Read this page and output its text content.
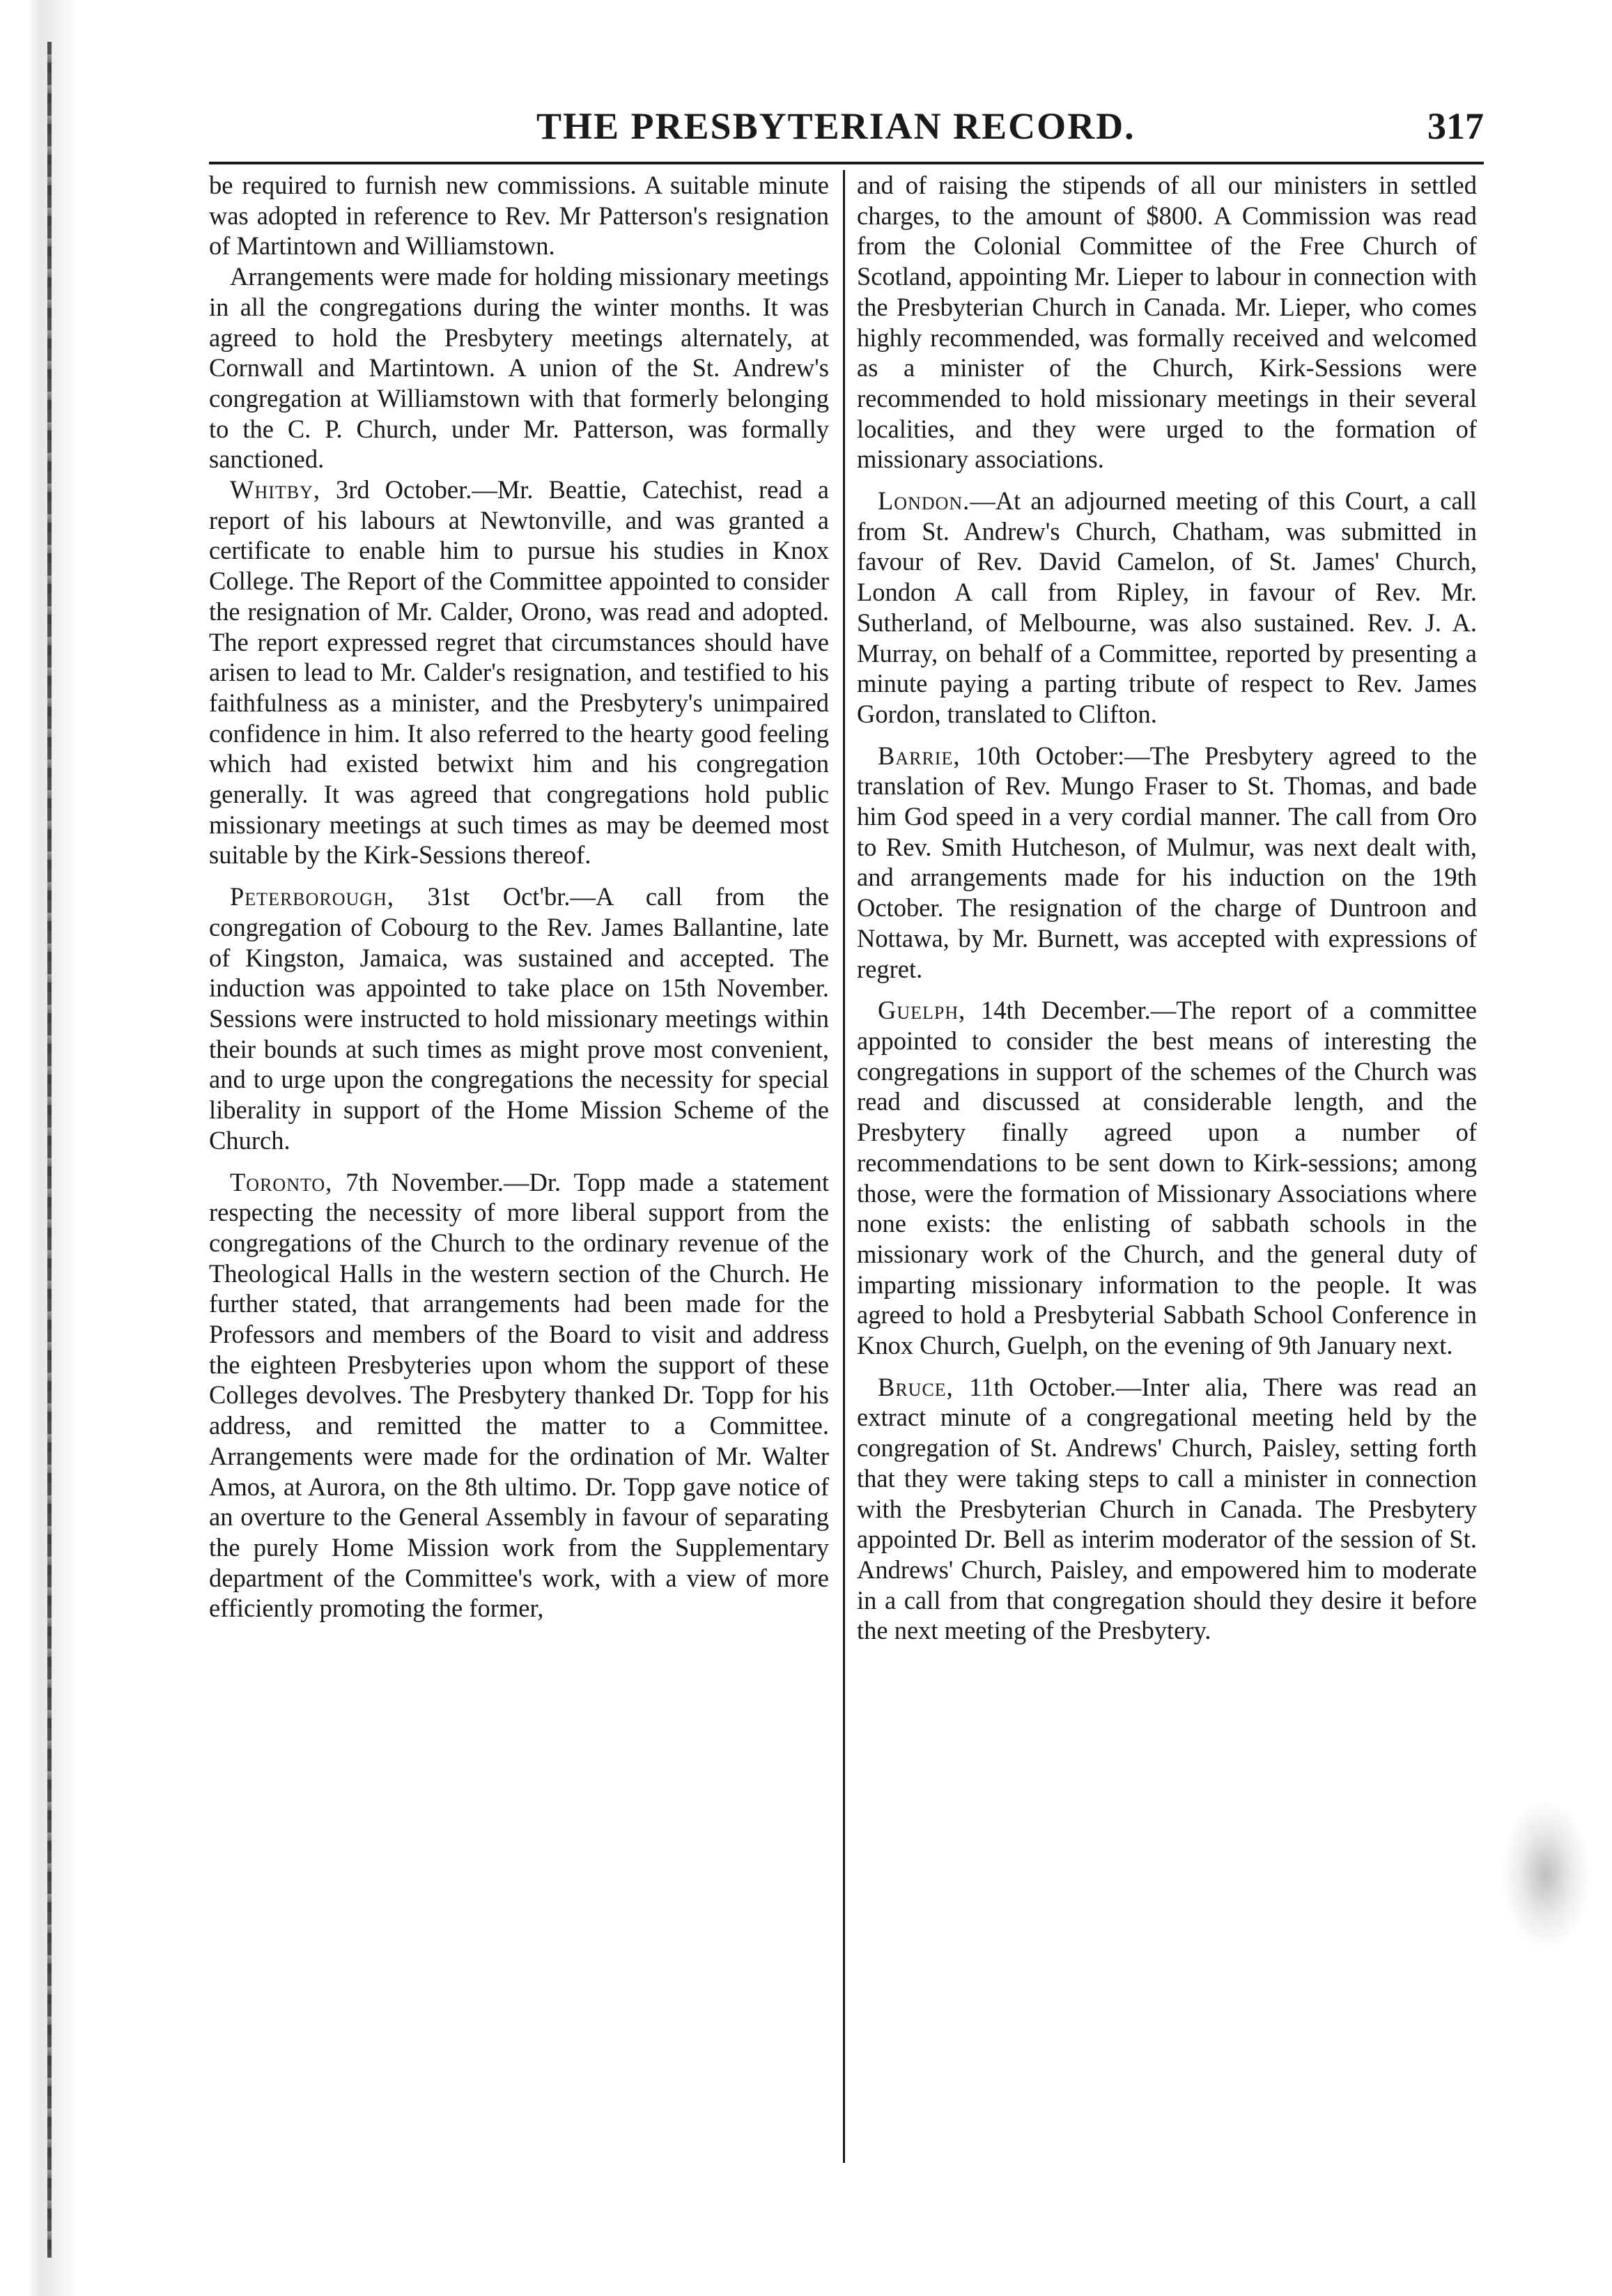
THE PRESBYTERIAN RECORD.	317

be required to furnish new commissions. A suitable minute was adopted in reference to Rev. Mr Patterson's resignation of Martintown and Williamstown.

Arrangements were made for holding missionary meetings in all the congregations during the winter months. It was agreed to hold the Presbytery meetings alternately, at Cornwall and Martintown. A union of the St. Andrew's congregation at Williamstown with that formerly belonging to the C. P. Church, under Mr. Patterson, was formally sanctioned.

Whitby, 3rd October.—Mr. Beattie, Catechist, read a report of his labours at Newtonville, and was granted a certificate to enable him to pursue his studies in Knox College. The Report of the Committee appointed to consider the resignation of Mr. Calder, Orono, was read and adopted. The report expressed regret that circumstances should have arisen to lead to Mr. Calder's resignation, and testified to his faithfulness as a minister, and the Presbytery's unimpaired confidence in him. It also referred to the hearty good feeling which had existed betwixt him and his congregation generally. It was agreed that congregations hold public missionary meetings at such times as may be deemed most suitable by the Kirk-Sessions thereof.

Peterborough, 31st Oct'br.—A call from the congregation of Cobourg to the Rev. James Ballantine, late of Kingston, Jamaica, was sustained and accepted. The induction was appointed to take place on 15th November. Sessions were instructed to hold missionary meetings within their bounds at such times as might prove most convenient, and to urge upon the congregations the necessity for special liberality in support of the Home Mission Scheme of the Church.

Toronto, 7th November.—Dr. Topp made a statement respecting the necessity of more liberal support from the congregations of the Church to the ordinary revenue of the Theological Halls in the western section of the Church. He further stated, that arrangements had been made for the Professors and members of the Board to visit and address the eighteen Presbyteries upon whom the support of these Colleges devolves. The Presbytery thanked Dr. Topp for his address, and remitted the matter to a Committee. Arrangements were made for the ordination of Mr. Walter Amos, at Aurora, on the 8th ultimo. Dr. Topp gave notice of an overture to the General Assembly in favour of separating the purely Home Mission work from the Supplementary department of the Committee's work, with a view of more efficiently promoting the former,

and of raising the stipends of all our ministers in settled charges, to the amount of $800. A Commission was read from the Colonial Committee of the Free Church of Scotland, appointing Mr. Lieper to labour in connection with the Presbyterian Church in Canada. Mr. Lieper, who comes highly recommended, was formally received and welcomed as a minister of the Church, Kirk-Sessions were recommended to hold missionary meetings in their several localities, and they were urged to the formation of missionary associations.

London.—At an adjourned meeting of this Court, a call from St. Andrew's Church, Chatham, was submitted in favour of Rev. David Camelon, of St. James' Church, London A call from Ripley, in favour of Rev. Mr. Sutherland, of Melbourne, was also sustained. Rev. J. A. Murray, on behalf of a Committee, reported by presenting a minute paying a parting tribute of respect to Rev. James Gordon, translated to Clifton.

Barrie, 10th October:—The Presbytery agreed to the translation of Rev. Mungo Fraser to St. Thomas, and bade him God speed in a very cordial manner. The call from Oro to Rev. Smith Hutcheson, of Mulmur, was next dealt with, and arrangements made for his induction on the 19th October. The resignation of the charge of Duntroon and Nottawa, by Mr. Burnett, was accepted with expressions of regret.

Guelph, 14th December.—The report of a committee appointed to consider the best means of interesting the congregations in support of the schemes of the Church was read and discussed at considerable length, and the Presbytery finally agreed upon a number of recommendations to be sent down to Kirk-sessions; among those, were the formation of Missionary Associations where none exists: the enlisting of sabbath schools in the missionary work of the Church, and the general duty of imparting missionary information to the people. It was agreed to hold a Presbyterial Sabbath School Conference in Knox Church, Guelph, on the evening of 9th January next.

Bruce, 11th October.—Inter alia, There was read an extract minute of a congregational meeting held by the congregation of St. Andrews' Church, Paisley, setting forth that they were taking steps to call a minister in connection with the Presbyterian Church in Canada. The Presbytery appointed Dr. Bell as interim moderator of the session of St. Andrews' Church, Paisley, and empowered him to moderate in a call from that congregation should they desire it before the next meeting of the Presbytery.
